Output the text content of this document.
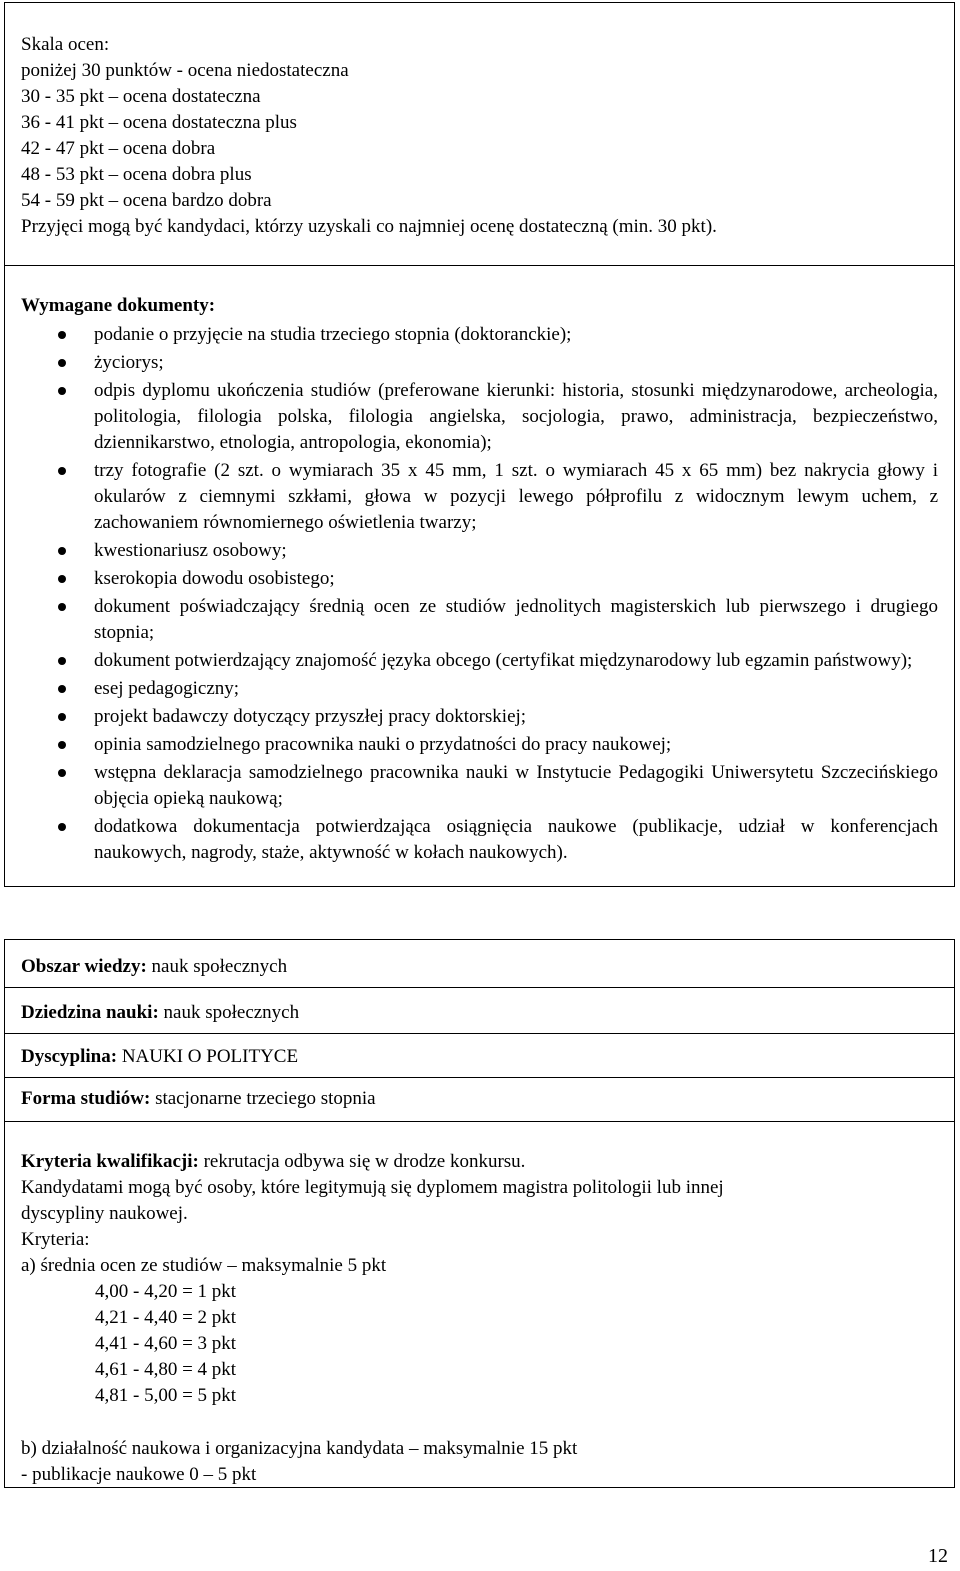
Skala ocen:
poniżej 30 punktów - ocena niedostateczna
30 - 35 pkt – ocena dostateczna
36 - 41 pkt – ocena dostateczna plus
42 - 47 pkt – ocena dobra
48 - 53 pkt – ocena dobra plus
54 - 59 pkt – ocena bardzo dobra
Przyjęci mogą być kandydaci, którzy uzyskali co najmniej ocenę dostateczną (min. 30 pkt).
Wymagane dokumenty:
podanie o przyjęcie na studia trzeciego stopnia (doktoranckie);
życiorys;
odpis dyplomu ukończenia studiów (preferowane kierunki: historia, stosunki międzynarodowe, archeologia, politologia, filologia polska, filologia angielska, socjologia, prawo, administracja, bezpieczeństwo, dziennikarstwo, etnologia, antropologia, ekonomia);
trzy fotografie (2 szt. o wymiarach 35 x 45 mm, 1 szt. o wymiarach 45 x 65 mm) bez nakrycia głowy i okularów z ciemnymi szkłami, głowa w pozycji lewego półprofilu z widocznym lewym uchem, z zachowaniem równomiernego oświetlenia twarzy;
kwestionariusz osobowy;
kserokopia dowodu osobistego;
dokument poświadczający średnią ocen ze studiów jednolitych magisterskich lub pierwszego i drugiego stopnia;
dokument potwierdzający znajomość języka obcego (certyfikat międzynarodowy lub egzamin państwowy);
esej pedagogiczny;
projekt badawczy dotyczący przyszłej pracy doktorskiej;
opinia samodzielnego pracownika nauki o przydatności do pracy naukowej;
wstępna deklaracja samodzielnego pracownika nauki w Instytucie Pedagogiki Uniwersytetu Szczecińskiego objęcia opieką naukową;
dodatkowa dokumentacja potwierdzająca osiągnięcia naukowe (publikacje, udział w konferencjach naukowych, nagrody, staże, aktywność w kołach naukowych).
Obszar wiedzy: nauk społecznych
Dziedzina nauki: nauk społecznych
Dyscyplina: NAUKI O POLITYCE
Forma studiów: stacjonarne trzeciego stopnia
Kryteria kwalifikacji: rekrutacja odbywa się w drodze konkursu.
Kandydatami mogą być osoby, które legitymują się dyplomem magistra politologii lub innej
dyscypliny naukowej.
Kryteria:
a) średnia ocen ze studiów – maksymalnie 5 pkt
4,00 - 4,20 = 1 pkt
4,21 - 4,40 = 2 pkt
4,41 - 4,60 = 3 pkt
4,61 - 4,80 = 4 pkt
4,81 - 5,00 = 5 pkt
b) działalność naukowa i organizacyjna kandydata – maksymalnie 15 pkt
- publikacje naukowe 0 – 5 pkt
12
